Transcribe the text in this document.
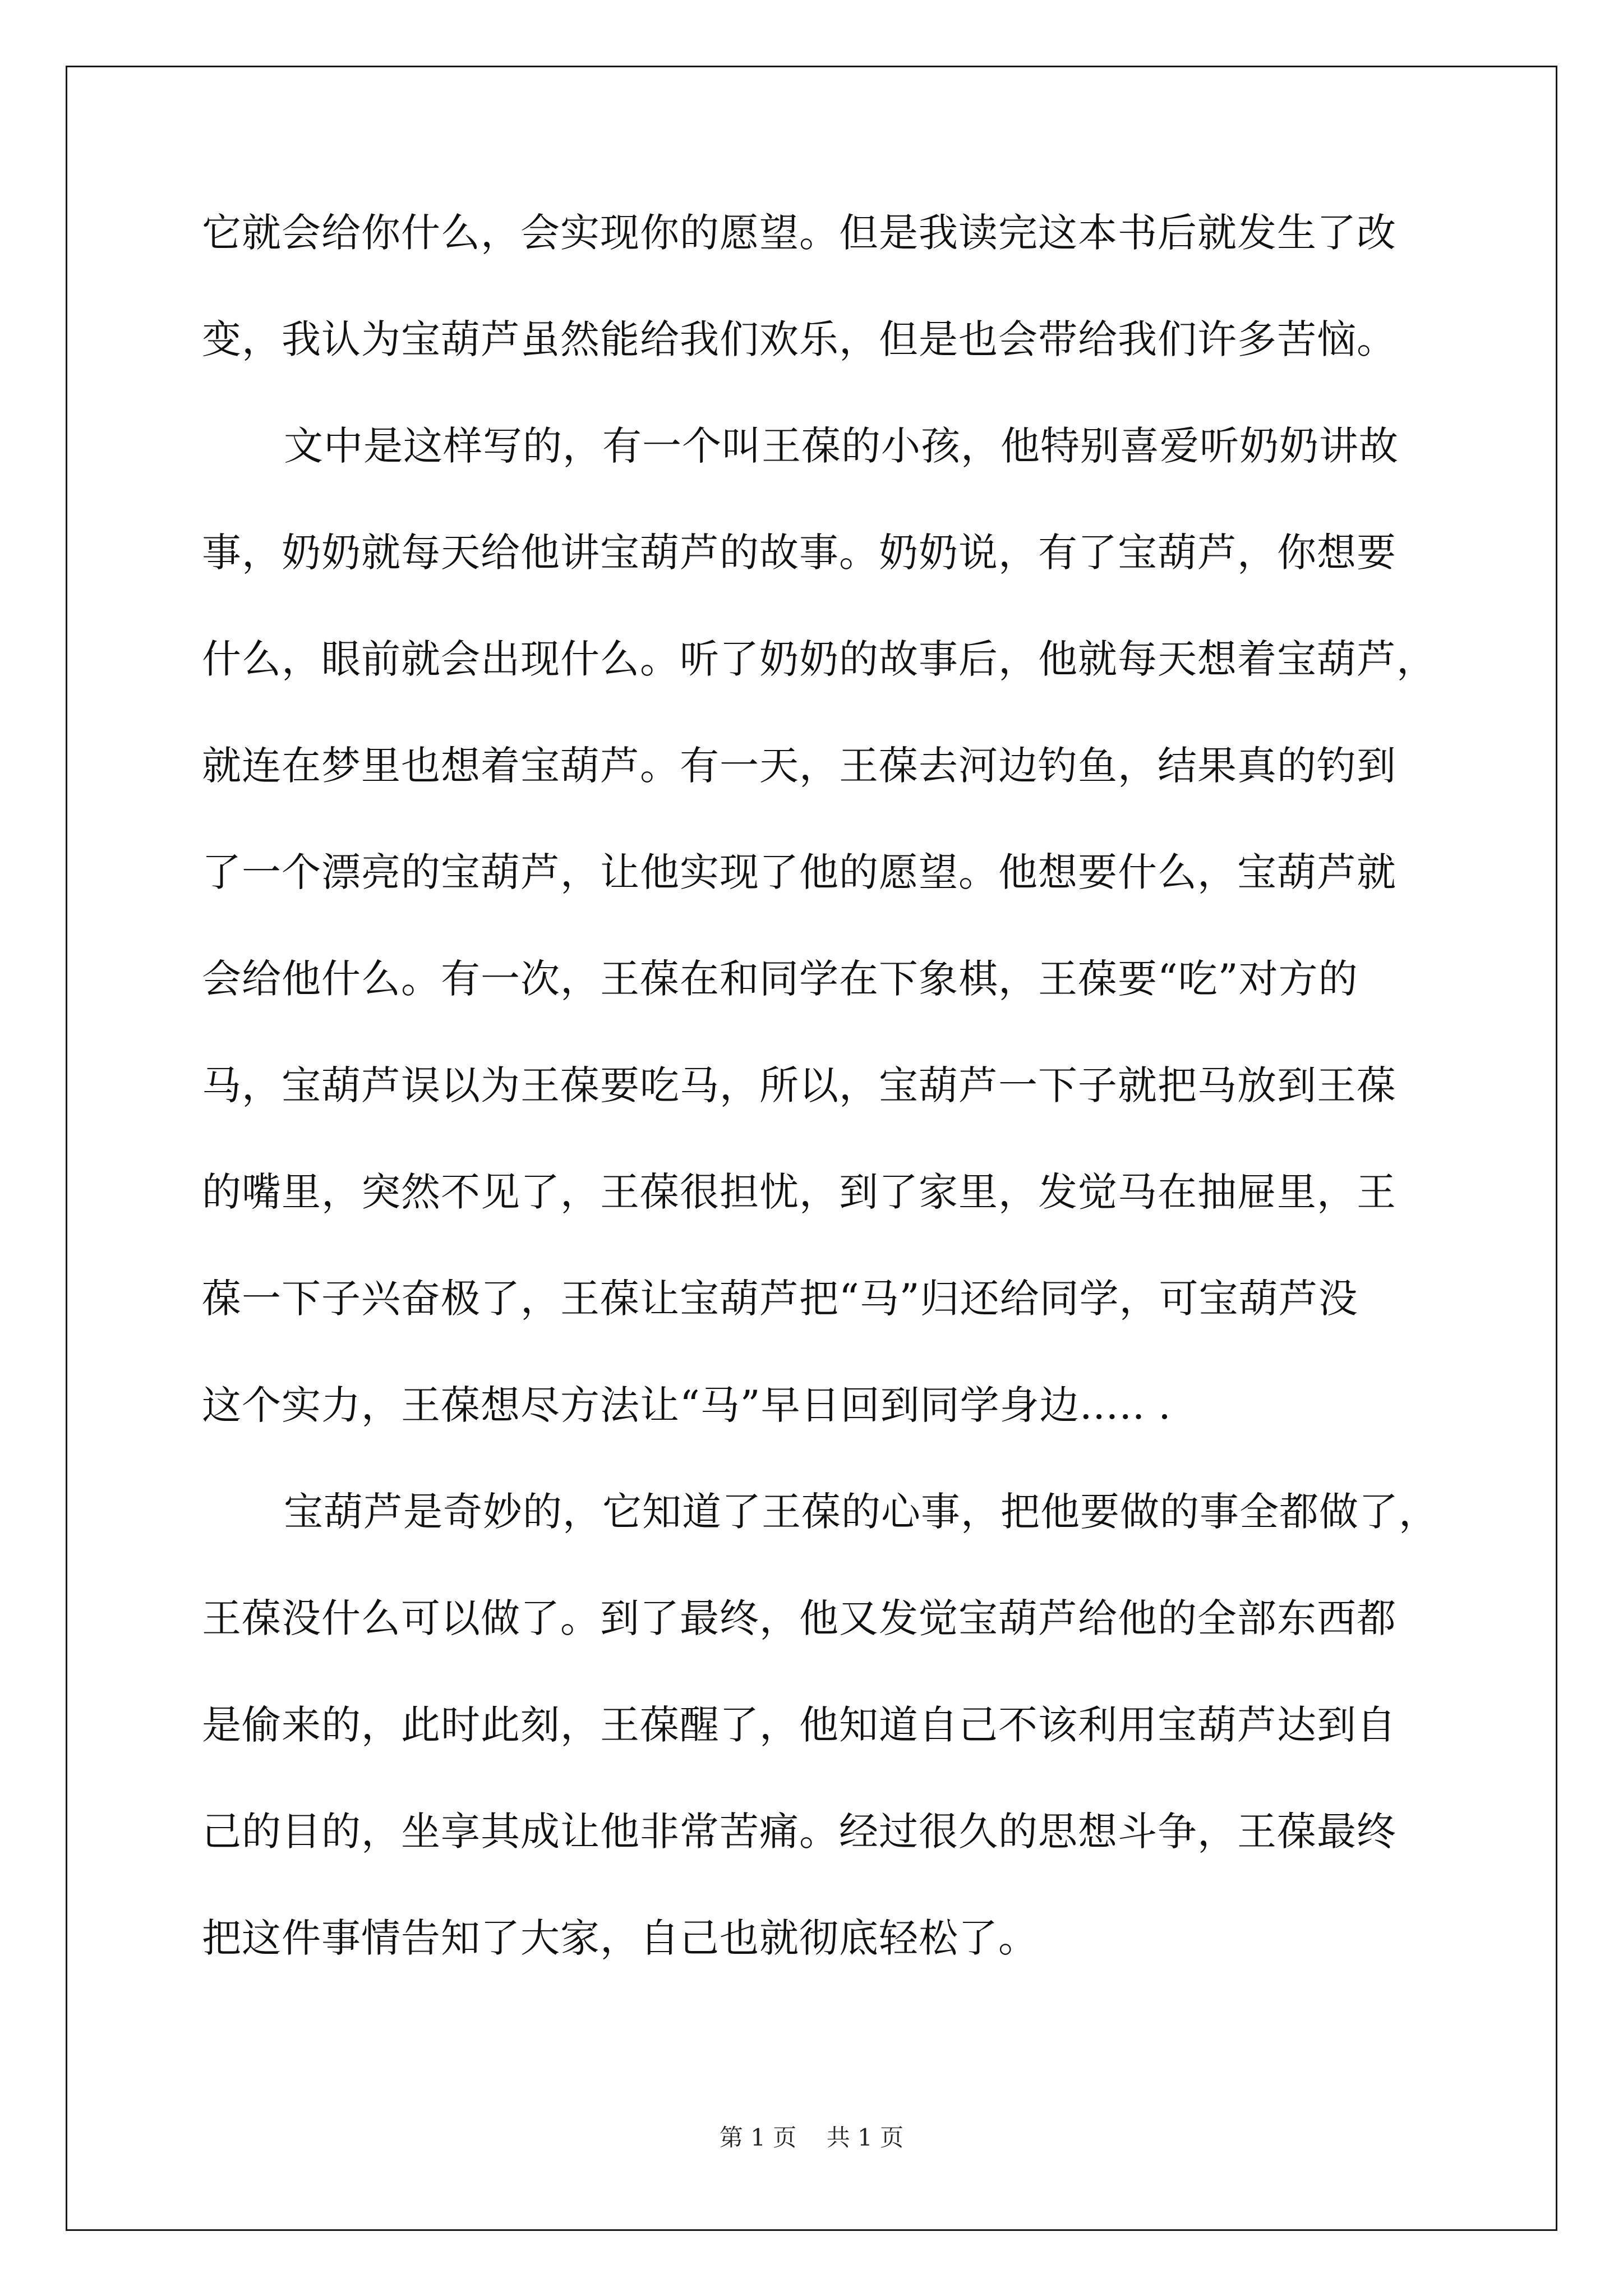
它就会给你什么，会实现你的愿望。但是我读完这本书后就发生了改
变，我认为宝葫芦虽然能给我们欢乐，但是也会带给我们许多苦恼。
文中是这样写的，有一个叫王葆的小孩，他特别喜爱听奶奶讲故
事，奶奶就每天给他讲宝葫芦的故事。奶奶说，有了宝葫芦，你想要
什么，眼前就会出现什么。听了奶奶的故事后，他就每天想着宝葫芦，
就连在梦里也想着宝葫芦。有一天，王葆去河边钓鱼，结果真的钓到
了一个漂亮的宝葫芦，让他实现了他的愿望。他想要什么，宝葫芦就
会给他什么。有一次，王葆在和同学在下象棋，王葆要“吃”对方的
马，宝葫芦误以为王葆要吃马，所以，宝葫芦一下子就把马放到王葆
的嘴里，突然不见了，王葆很担忧，到了家里，发觉马在抽屉里，王
葆一下子兴奋极了，王葆让宝葫芦把“马”归还给同学，可宝葫芦没
这个实力，王葆想尽方法让“马”早日回到同学身边….. .
宝葫芦是奇妙的，它知道了王葆的心事，把他要做的事全都做了，
王葆没什么可以做了。到了最终，他又发觉宝葫芦给他的全部东西都
是偷来的，此时此刻，王葆醒了，他知道自己不该利用宝葫芦达到自
己的目的，坐享其成让他非常苦痛。经过很久的思想斗争，王葆最终
把这件事情告知了大家，自己也就彻底轻松了。
第 1 页 共 1 页
